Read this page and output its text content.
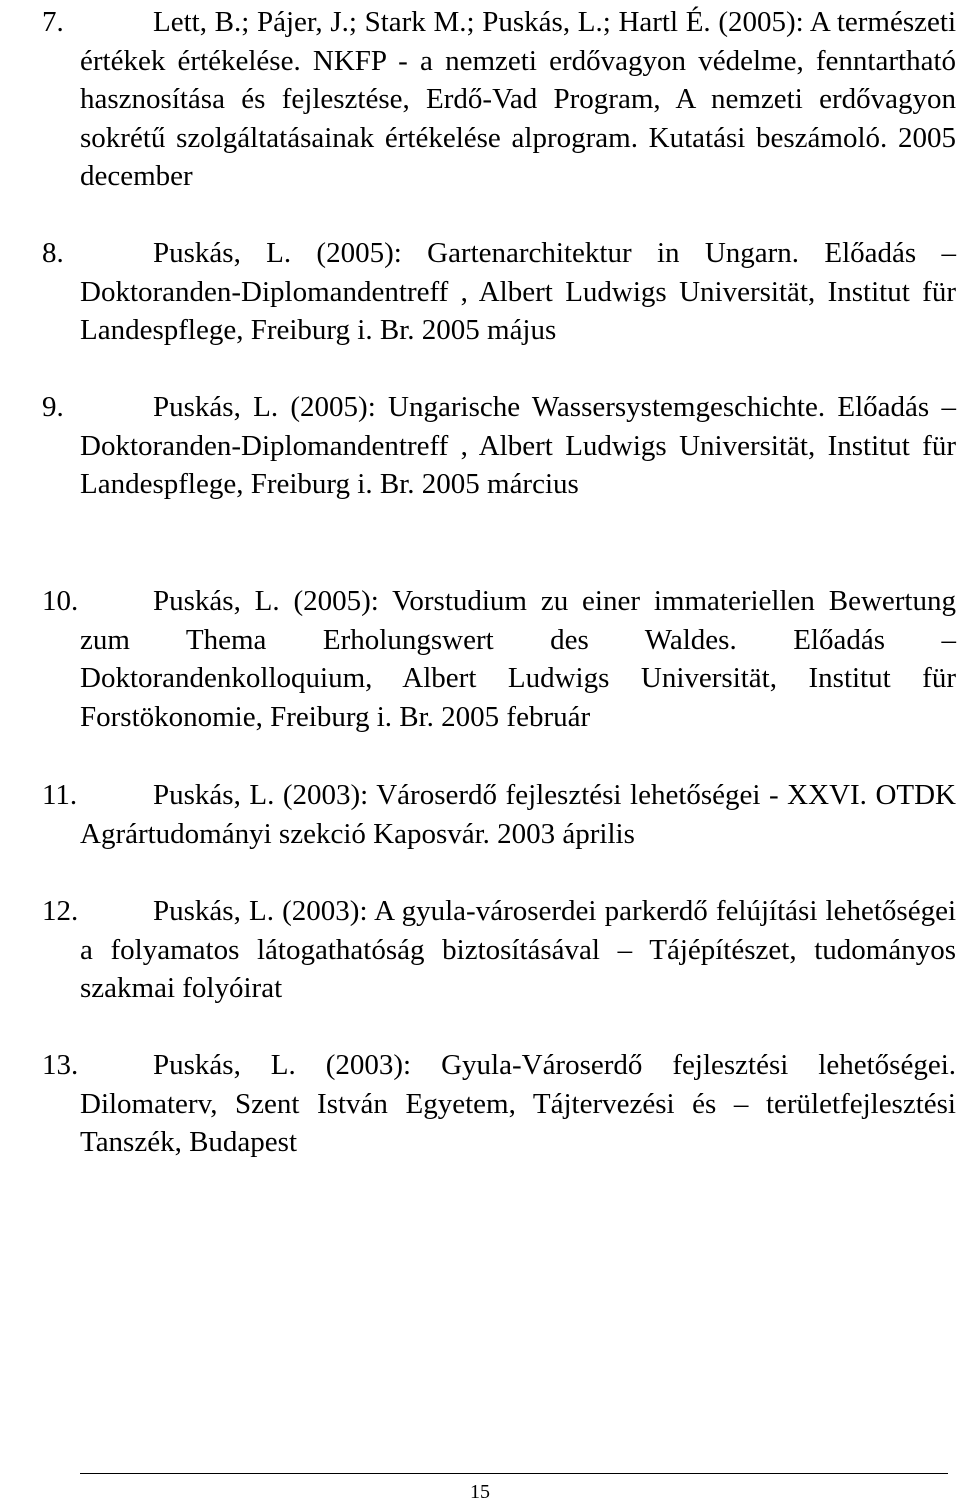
7.	Lett, B.; Pájer, J.; Stark M.; Puskás, L.; Hartl É. (2005): A természeti értékek értékelése. NKFP - a nemzeti erdővagyon védelme, fenntartható hasznosítása és fejlesztése, Erdő-Vad Program, A nemzeti erdővagyon sokrétű szolgáltatásainak értékelése alprogram. Kutatási beszámoló. 2005 december
8.	Puskás, L. (2005): Gartenarchitektur in Ungarn. Előadás – Doktoranden-Diplomandentreff , Albert Ludwigs Universität, Institut für Landespflege, Freiburg i. Br. 2005 május
9.	Puskás, L. (2005): Ungarische Wassersystemgeschichte. Előadás – Doktoranden-Diplomandentreff , Albert Ludwigs Universität, Institut für Landespflege, Freiburg i. Br. 2005 március
10.	Puskás, L. (2005): Vorstudium zu einer immateriellen Bewertung zum Thema Erholungswert des Waldes. Előadás – Doktorandenkolloquium, Albert Ludwigs Universität, Institut für Forstökonomie, Freiburg i. Br. 2005 február
11.	Puskás, L. (2003): Városerdő fejlesztési lehetőségei - XXVI. OTDK Agrártudományi szekció Kaposvár. 2003 április
12.	Puskás, L. (2003): A gyula-városerdei parkerdő felújítási lehetőségei a folyamatos látogathatóság biztosításával – Tájépítészet, tudományos szakmai folyóirat
13.	Puskás, L. (2003): Gyula-Városerdő fejlesztési lehetőségei. Dilomaterv, Szent István Egyetem, Tájtervezési és – területfejlesztési Tanszék, Budapest
15
